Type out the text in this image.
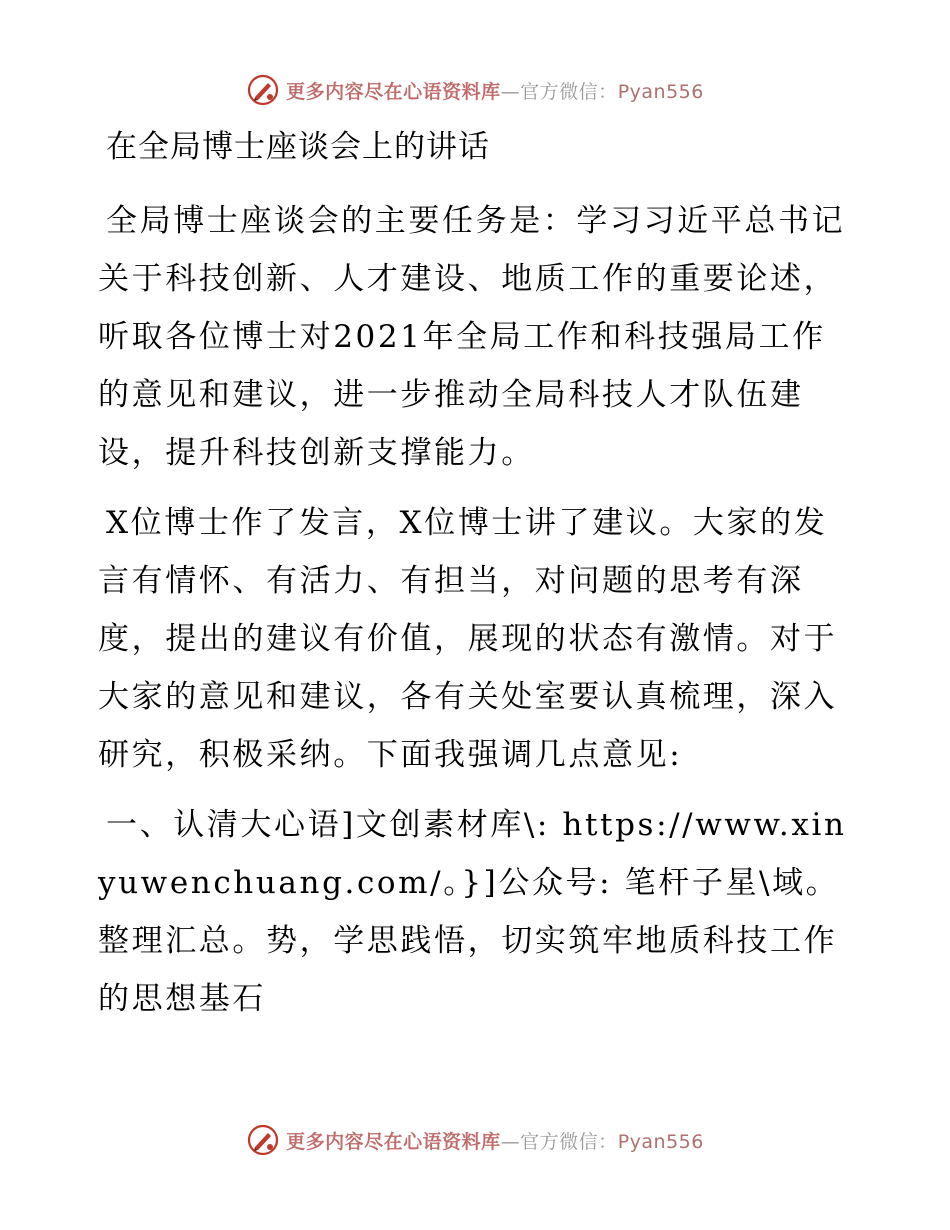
更多内容尽在心语资料库—官方微信：Pyan556
在全局博士座谈会上的讲话

全局博士座谈会的主要任务是：学习习近平总书记关于科技创新、人才建设、地质工作的重要论述，听取各位博士对2021年全局工作和科技强局工作的意见和建议，进一步推动全局科技人才队伍建设，提升科技创新支撑能力。

X位博士作了发言，X位博士讲了建议。大家的发言有情怀、有活力、有担当，对问题的思考有深度，提出的建议有价值，展现的状态有激情。对于大家的意见和建议，各有关处室要认真梳理，深入研究，积极采纳。下面我强调几点意见:

一、认清大心语]文创素材库\: https://www.xinyuwenchuang.com/。}]公众号: 笔杆子星\域。整理汇总。势，学思践悟，切实筑牢地质科技工作的思想基石

更多内容尽在心语资料库—官方微信：Pyan556
